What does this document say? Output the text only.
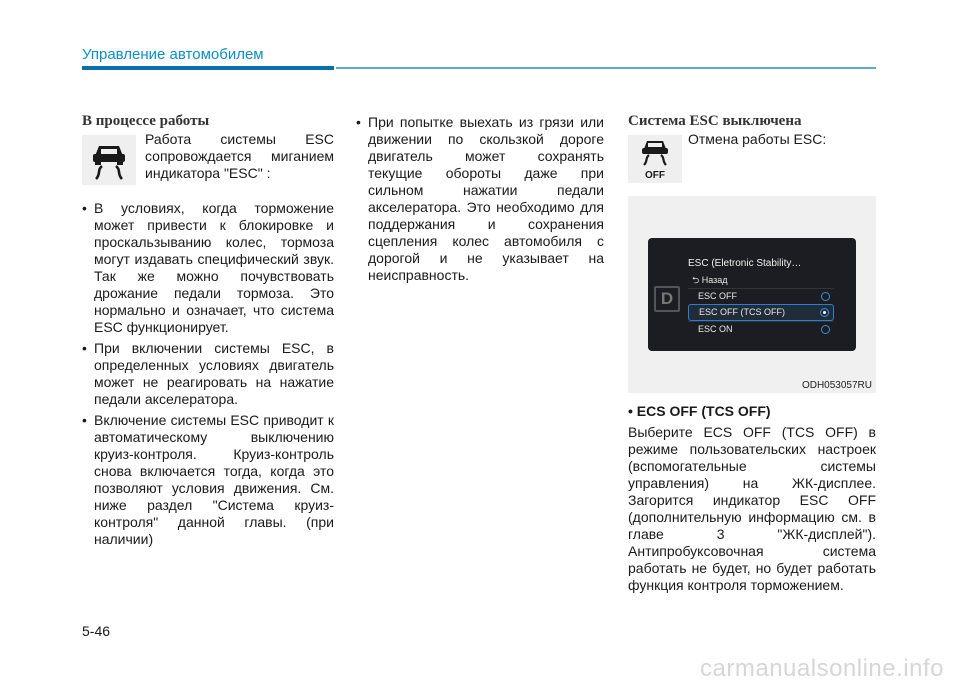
Управление автомобилем
В процессе работы
Работа системы ESC сопровождается миганием индикатора "ESC" :
• В условиях, когда торможение может привести к блокировке и проскальзыванию колес, тормоза могут издавать специфический звук. Так же можно почувствовать дрожание педали тормоза. Это нормально и означает, что система ESC функционирует.
• При включении системы ESC, в определенных условиях двигатель может не реагировать на нажатие педали акселератора.
• Включение системы ESC приводит к автоматическому выключению круиз-контроля. Круиз-контроль снова включается тогда, когда это позволяют условия движения. См. ниже раздел "Система круиз-контроля" данной главы. (при наличии)
• При попытке выехать из грязи или движении по скользкой дороге двигатель может сохранять текущие обороты даже при сильном нажатии педали акселератора. Это необходимо для поддержания и сохранения сцепления колес автомобиля с дорогой и не указывает на неисправность.
Система ESC выключена
OFF
Отмена работы ESC:
D
ESC (Eletronic Stability…
⮌ Назад
ESC OFF
ESC OFF (TCS OFF)
ESC ON
ODH053057RU
• ECS OFF (TCS OFF)
Выберите ECS OFF (TCS OFF) в режиме пользовательских настроек (вспомогательные системы управления) на ЖК-дисплее. Загорится индикатор ESC OFF (дополнительную информацию см. в главе 3 "ЖК-дисплей"). Антипробуксовочная система работать не будет, но будет работать функция контроля торможением.
5-46
carmanualsonline.info
